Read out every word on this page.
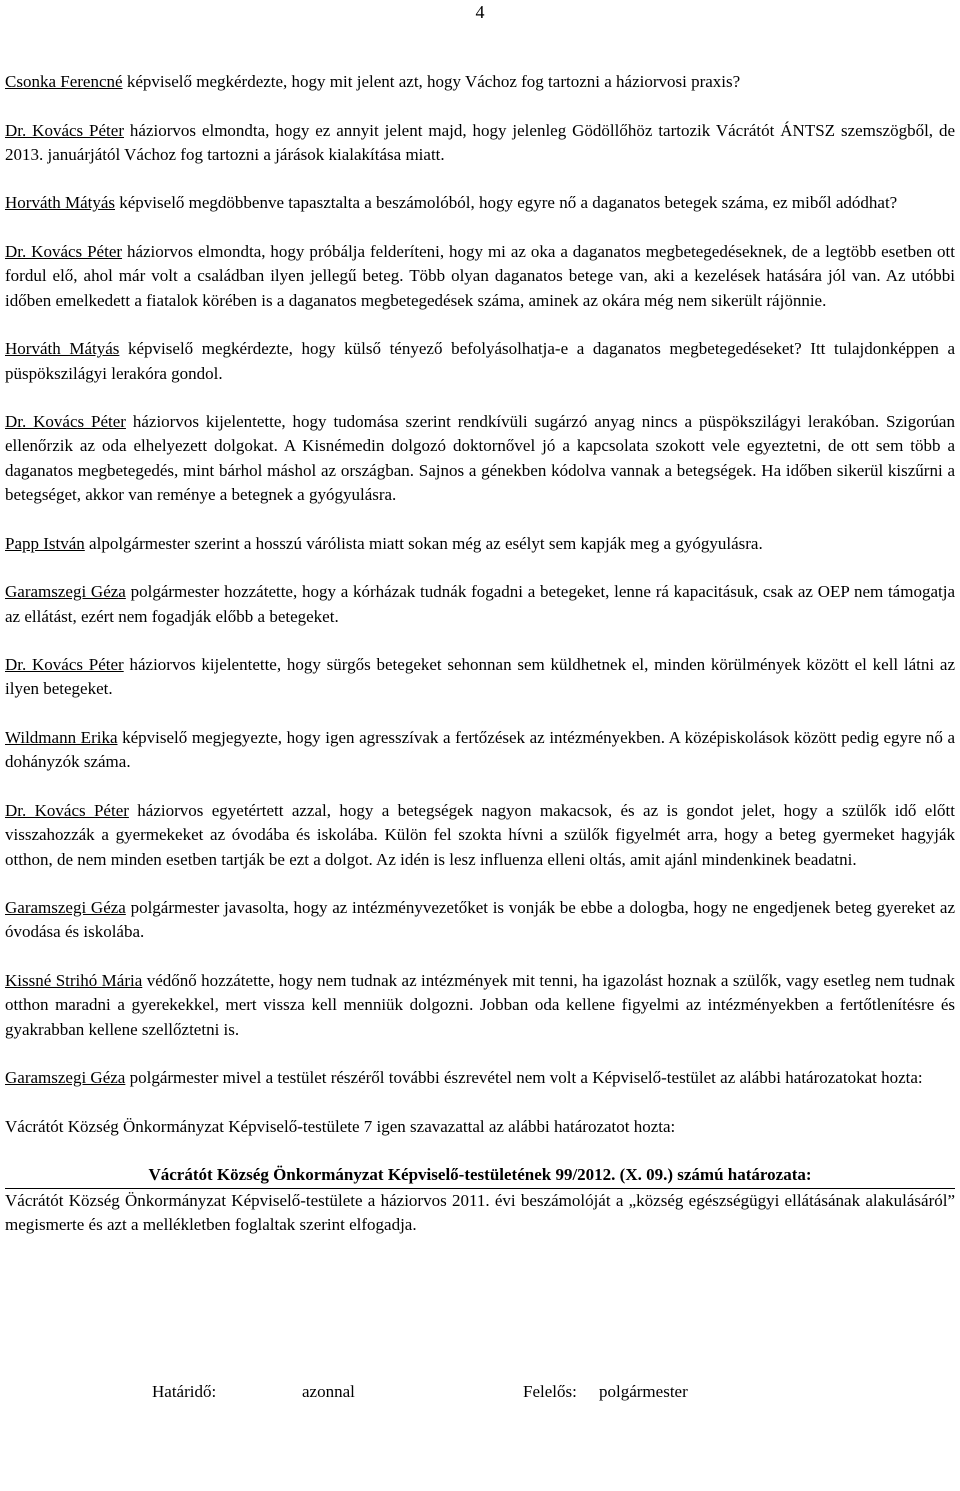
4

Csonka Ferencné képviselő megkérdezte, hogy mit jelent azt, hogy Váchoz fog tartozni a háziorvosi praxis?

Dr. Kovács Péter háziorvos elmondta, hogy ez annyit jelent majd, hogy jelenleg Gödöllőhöz tartozik Vácrátót ÁNTSZ szemszögből, de 2013. januárjától Váchoz fog tartozni a járások kialakítása miatt.

Horváth Mátyás képviselő megdöbbenve tapasztalta a beszámolóból, hogy egyre nő a daganatos betegek száma, ez miből adódhat?

Dr. Kovács Péter háziorvos elmondta, hogy próbálja felderíteni, hogy mi az oka a daganatos megbetegedéseknek, de a legtöbb esetben ott fordul elő, ahol már volt a családban ilyen jellegű beteg. Több olyan daganatos betege van, aki a kezelések hatására jól van. Az utóbbi időben emelkedett a fiatalok körében is a daganatos megbetegedések száma, aminek az okára még nem sikerült rájönnie.

Horváth Mátyás képviselő megkérdezte, hogy külső tényező befolyásolhatja-e a daganatos megbetegedéseket? Itt tulajdonképpen a püspökszilágyi lerakóra gondol.

Dr. Kovács Péter háziorvos kijelentette, hogy tudomása szerint rendkívüli sugárzó anyag nincs a püspökszilágyi lerakóban. Szigorúan ellenőrzik az oda elhelyezett dolgokat. A Kisnémedin dolgozó doktornővel jó a kapcsolata szokott vele egyeztetni, de ott sem több a daganatos megbetegedés, mint bárhol máshol az országban. Sajnos a génekben kódolva vannak a betegségek. Ha időben sikerül kiszűrni a betegséget, akkor van reménye a betegnek a gyógyulásra.

Papp István alpolgármester szerint a hosszú várólista miatt sokan még az esélyt sem kapják meg a gyógyulásra.

Garamszegi Géza polgármester hozzátette, hogy a kórházak tudnák fogadni a betegeket, lenne rá kapacitásuk, csak az OEP nem támogatja az ellátást, ezért nem fogadják előbb a betegeket.

Dr. Kovács Péter háziorvos kijelentette, hogy sürgős betegeket sehonnan sem küldhetnek el, minden körülmények között el kell látni az ilyen betegeket.

Wildmann Erika képviselő megjegyezte, hogy igen agresszívak a fertőzések az intézményekben. A középiskolások között pedig egyre nő a dohányzók száma.

Dr. Kovács Péter háziorvos egyetértett azzal, hogy a betegségek nagyon makacsok, és az is gondot jelet, hogy a szülők idő előtt visszahozzák a gyermekeket az óvodába és iskolába. Külön fel szokta hívni a szülők figyelmét arra, hogy a beteg gyermeket hagyják otthon, de nem minden esetben tartják be ezt a dolgot. Az idén is lesz influenza elleni oltás, amit ajánl mindenkinek beadatni.

Garamszegi Géza polgármester javasolta, hogy az intézményvezetőket is vonják be ebbe a dologba, hogy ne engedjenek beteg gyereket az óvodása és iskolába.

Kissné Strihó Mária védőnő hozzátette, hogy nem tudnak az intézmények mit tenni, ha igazolást hoznak a szülők, vagy esetleg nem tudnak otthon maradni a gyerekekkel, mert vissza kell menniük dolgozni. Jobban oda kellene figyelmi az intézményekben a fertőtlenítésre és gyakrabban kellene szellőztetni is.

Garamszegi Géza polgármester mivel a testület részéről további észrevétel nem volt a Képviselő-testület az alábbi határozatokat hozta:

Vácrátót Község Önkormányzat Képviselő-testülete 7 igen szavazattal az alábbi határozatot hozta:

Vácrátót Község Önkormányzat Képviselő-testületének 99/2012. (X. 09.) számú határozata:

Vácrátót Község Önkormányzat Képviselő-testülete a háziorvos 2011. évi beszámolóját a „község egészségügyi ellátásának alakulásáról” megismerte és azt a mellékletben foglaltak szerint elfogadja.

Határidő:

	azonnal

	Felelős:

polgármester
